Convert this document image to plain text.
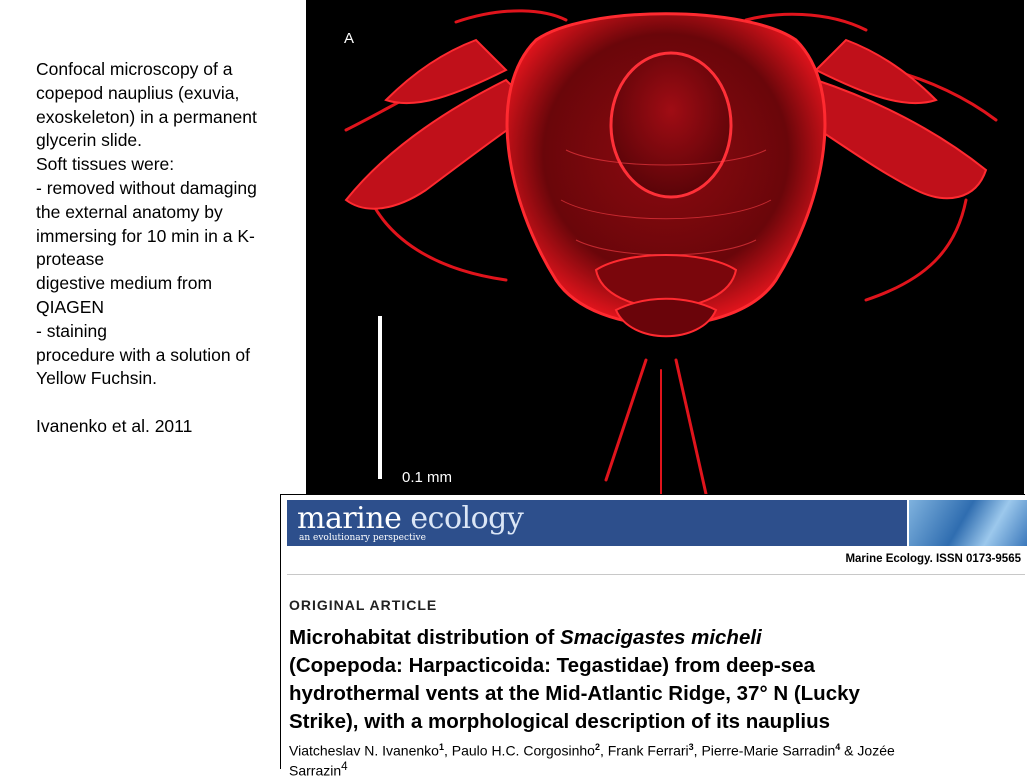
Confocal microscopy of a
copepod nauplius (exuvia,
exoskeleton) in a permanent
glycerin slide.
Soft tissues were:
- removed without damaging
the external anatomy by
immersing for 10 min in a K-
protease
digestive medium from
QIAGEN
- staining
procedure with a solution of
Yellow Fuchsin.
Ivanenko et al. 2011
A
0.1 mm
marine ecology
an evolutionary perspective
Marine Ecology. ISSN 0173-9565
ORIGINAL ARTICLE
Microhabitat distribution of Smacigastes micheli
(Copepoda: Harpacticoida: Tegastidae) from deep-sea
hydrothermal vents at the Mid-Atlantic Ridge, 37° N (Lucky
Strike), with a morphological description of its nauplius
Viatcheslav N. Ivanenko$^1$, Paulo H.C. Corgosinho$^2$, Frank Ferrari$^3$, Pierre-Marie Sarradin$^4$ & Jozée
Sarrazin$^4$
